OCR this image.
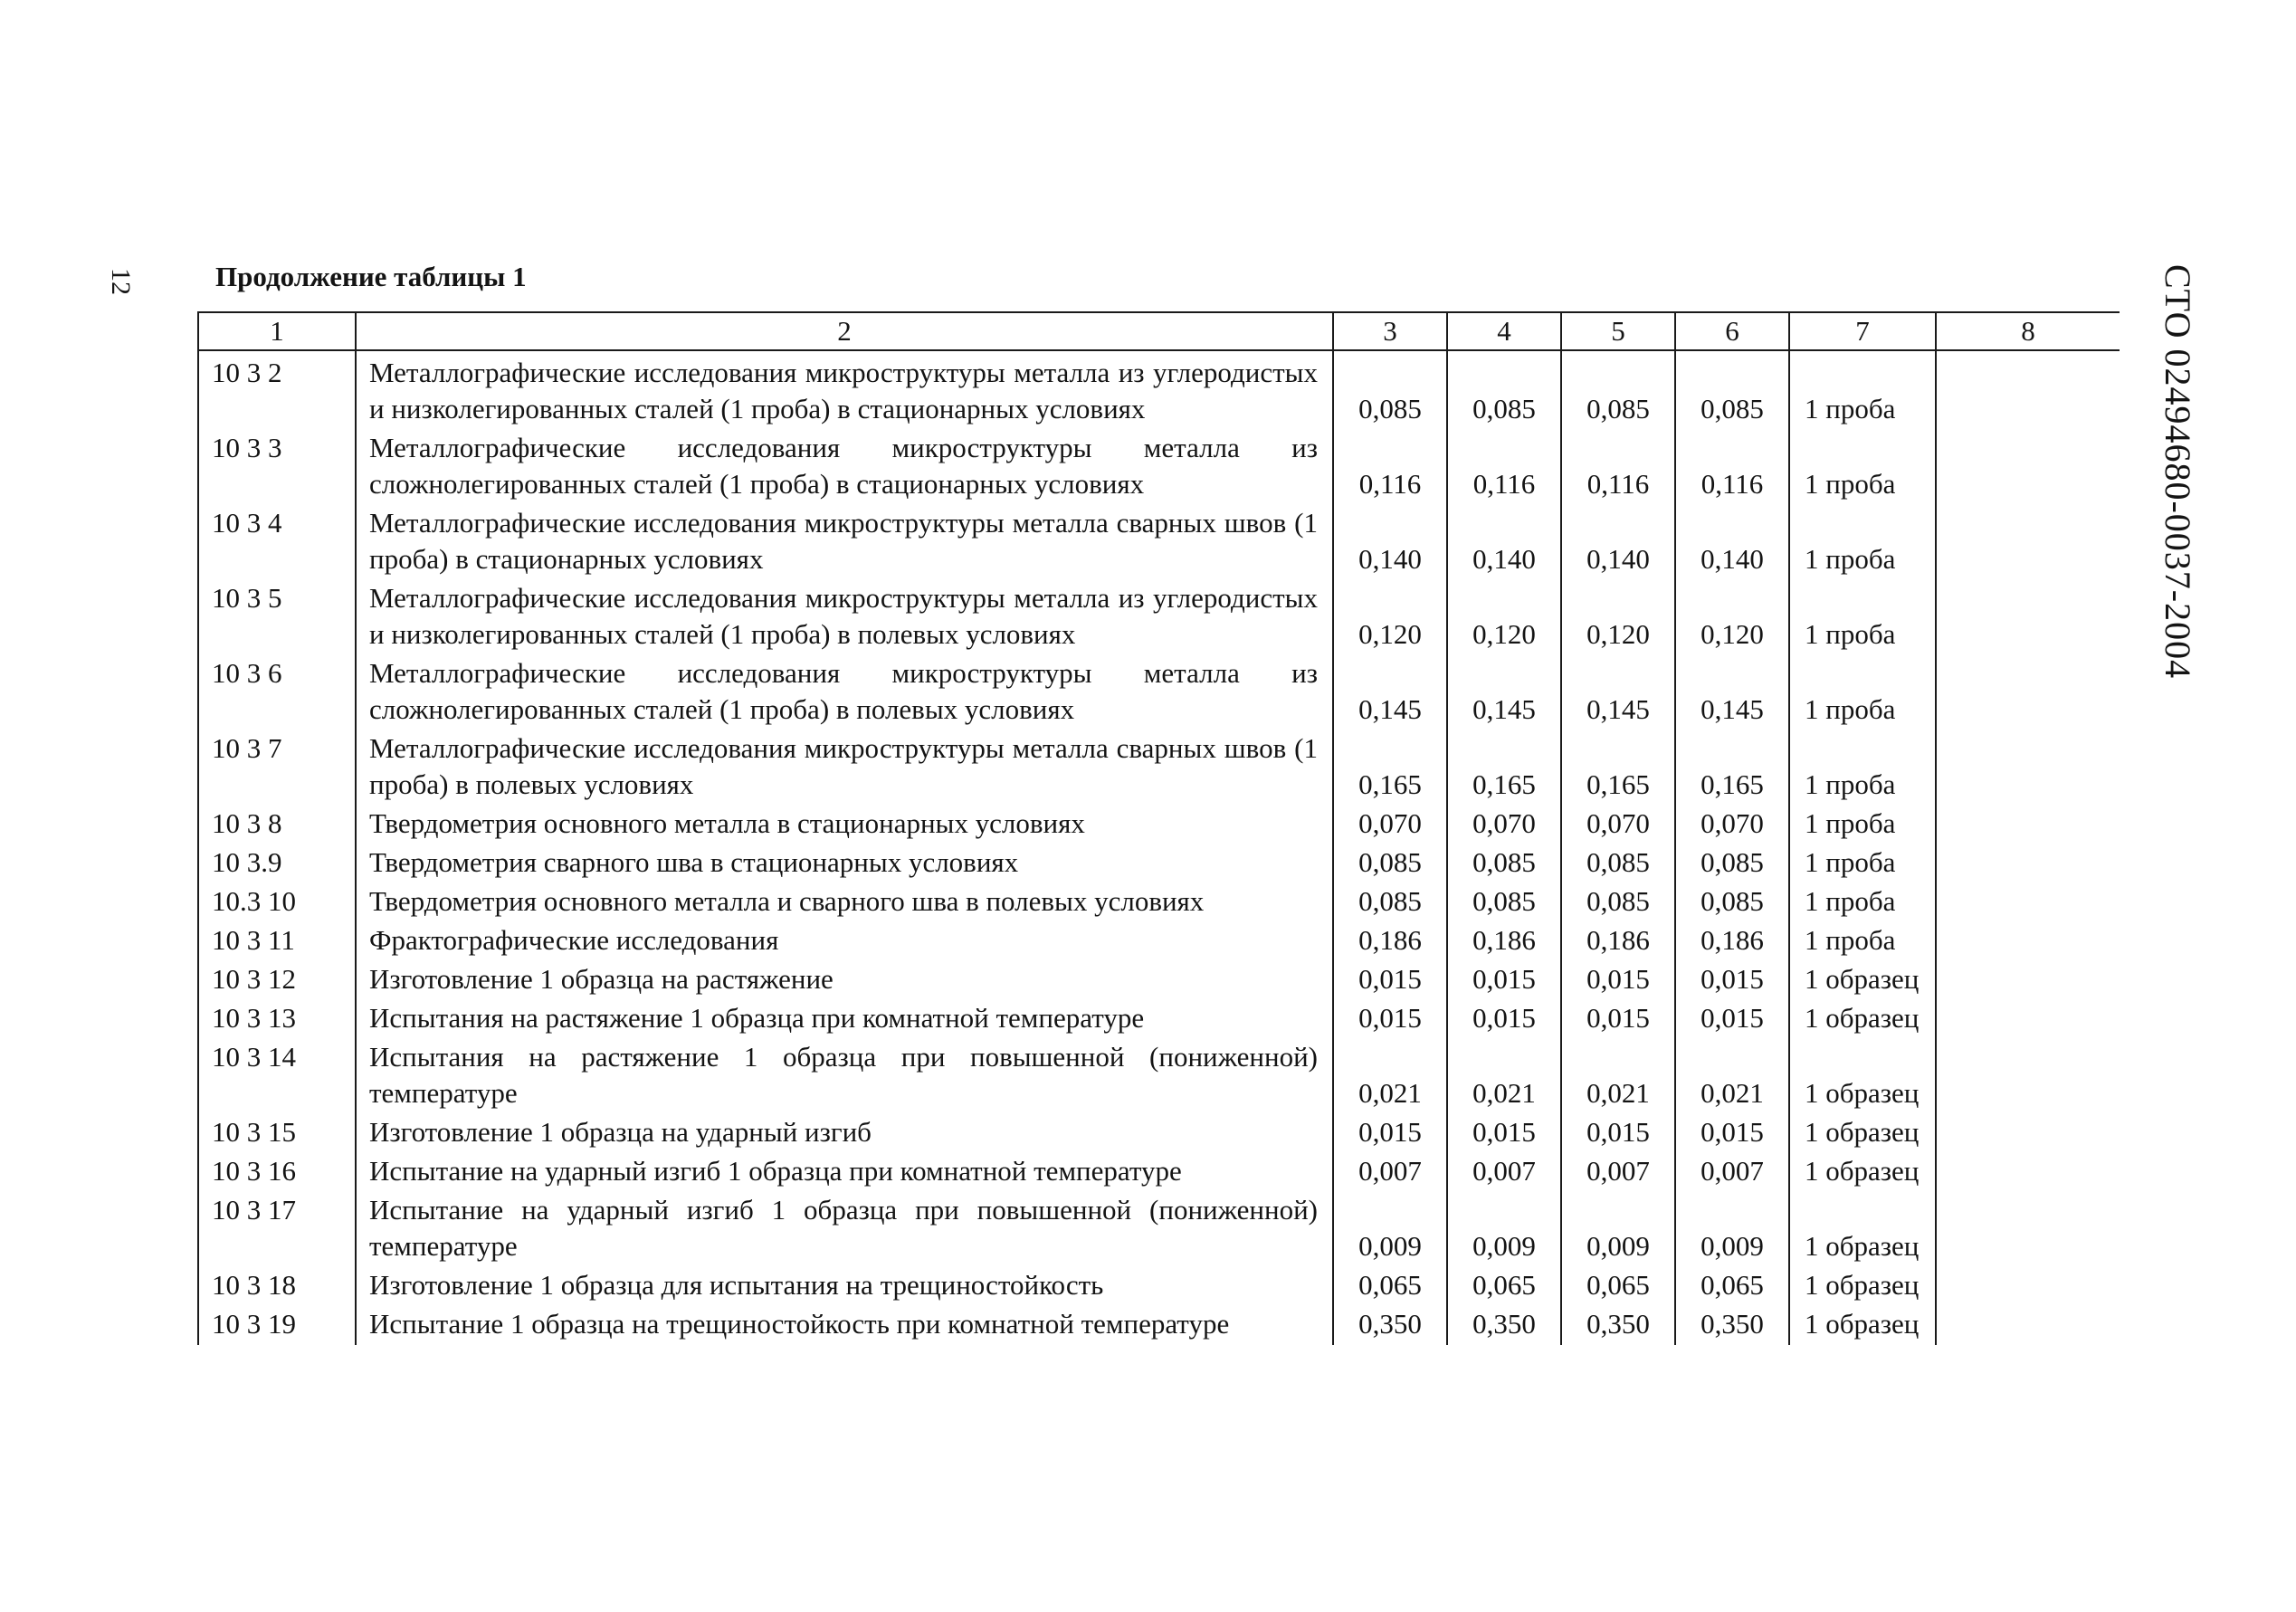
12	СТО 02494680-0037-2004
Продолжение таблицы 1
1	2	3	4	5	6	7	8
10 3 2	Металлографические исследования микроструктуры металла из углеродистых и низколегированных сталей (1 проба) в стационарных условиях	0,085	0,085	0,085	0,085	1 проба	
10 3 3	Металлографические исследования микроструктуры металла из сложнолегированных сталей (1 проба) в стационарных условиях	0,116	0,116	0,116	0,116	1 проба	
10 3 4	Металлографические исследования микроструктуры металла сварных швов (1 проба) в стационарных условиях	0,140	0,140	0,140	0,140	1 проба	
10 3 5	Металлографические исследования микроструктуры металла из углеродистых и низколегированных сталей (1 проба) в полевых условиях	0,120	0,120	0,120	0,120	1 проба	
10 3 6	Металлографические исследования микроструктуры металла из сложнолегированных сталей (1 проба) в полевых условиях	0,145	0,145	0,145	0,145	1 проба	
10 3 7	Металлографические исследования микроструктуры металла сварных швов (1 проба) в полевых условиях	0,165	0,165	0,165	0,165	1 проба	
10 3 8	Твердометрия основного металла в стационарных условиях	0,070	0,070	0,070	0,070	1 проба	
10 3.9	Твердометрия сварного шва в стационарных условиях	0,085	0,085	0,085	0,085	1 проба	
10.3 10	Твердометрия основного металла и сварного шва в полевых условиях	0,085	0,085	0,085	0,085	1 проба	
10 3 11	Фрактографические исследования	0,186	0,186	0,186	0,186	1 проба	
10 3 12	Изготовление 1 образца на растяжение	0,015	0,015	0,015	0,015	1 образец	
10 3 13	Испытания на растяжение 1 образца при комнатной температуре	0,015	0,015	0,015	0,015	1 образец	
10 3 14	Испытания на растяжение 1 образца при повышенной (пониженной) температуре	0,021	0,021	0,021	0,021	1 образец	
10 3 15	Изготовление 1 образца на ударный изгиб	0,015	0,015	0,015	0,015	1 образец	
10 3 16	Испытание на ударный изгиб 1 образца при комнатной температуре	0,007	0,007	0,007	0,007	1 образец	
10 3 17	Испытание на ударный изгиб 1 образца при повышенной (пониженной) температуре	0,009	0,009	0,009	0,009	1 образец	
10 3 18	Изготовление 1 образца для испытания на трещиностойкость	0,065	0,065	0,065	0,065	1 образец	
10 3 19	Испытание 1 образца на трещиностойкость при комнатной температуре	0,350	0,350	0,350	0,350	1 образец	
